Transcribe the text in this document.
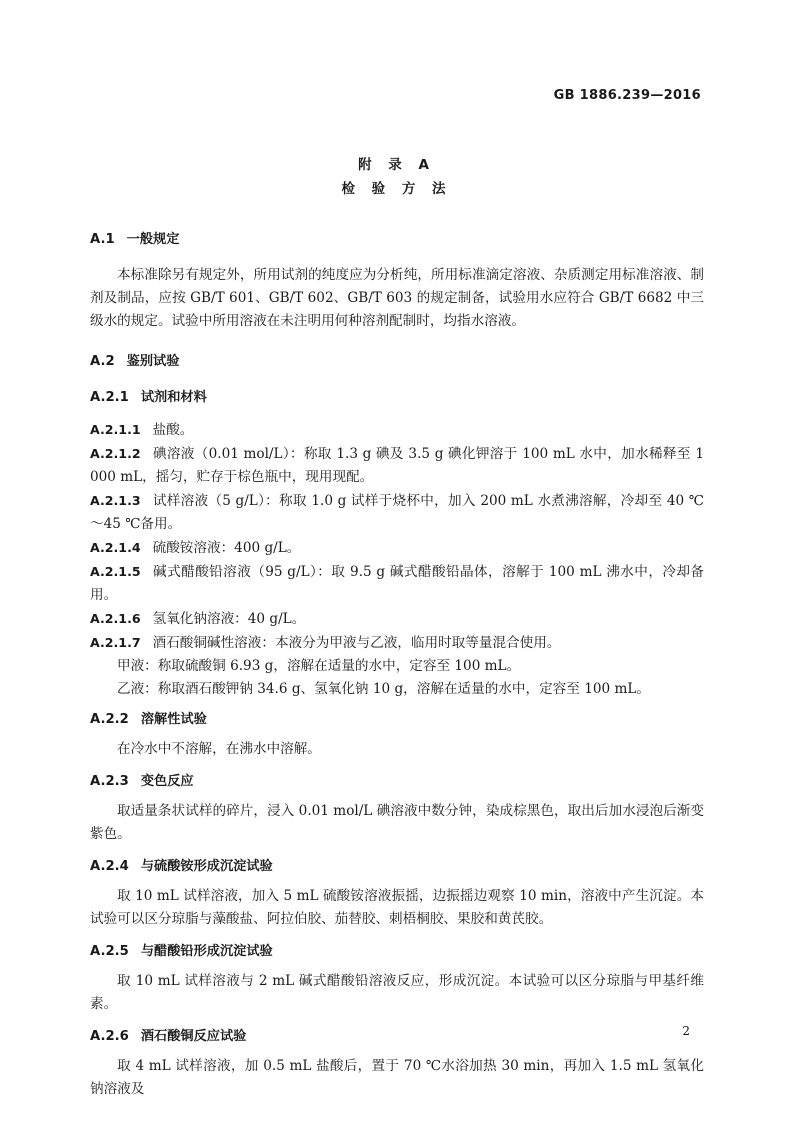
GB 1886.239—2016
附 录 A
检 验 方 法
A.1 一般规定
本标准除另有规定外，所用试剂的纯度应为分析纯，所用标准滴定溶液、杂质测定用标准溶液、制剂及制品，应按 GB/T 601、GB/T 602、GB/T 603 的规定制备，试验用水应符合 GB/T 6682 中三级水的规定。试验中所用溶液在未注明用何种溶剂配制时，均指水溶液。
A.2 鉴别试验
A.2.1 试剂和材料
A.2.1.1 盐酸。
A.2.1.2 碘溶液（0.01 mol/L）：称取 1.3 g 碘及 3.5 g 碘化钾溶于 100 mL 水中，加水稀释至 1 000 mL，摇匀，贮存于棕色瓶中，现用现配。
A.2.1.3 试样溶液（5 g/L）：称取 1.0 g 试样于烧杯中，加入 200 mL 水煮沸溶解，冷却至 40 ℃～45 ℃备用。
A.2.1.4 硫酸铵溶液：400 g/L。
A.2.1.5 碱式醋酸铅溶液（95 g/L）：取 9.5 g 碱式醋酸铅晶体，溶解于 100 mL 沸水中，冷却备用。
A.2.1.6 氢氧化钠溶液：40 g/L。
A.2.1.7 酒石酸铜碱性溶液：本液分为甲液与乙液，临用时取等量混合使用。
甲液：称取硫酸铜 6.93 g，溶解在适量的水中，定容至 100 mL。
乙液：称取酒石酸钾钠 34.6 g、氢氧化钠 10 g，溶解在适量的水中，定容至 100 mL。
A.2.2 溶解性试验
在冷水中不溶解，在沸水中溶解。
A.2.3 变色反应
取适量条状试样的碎片，浸入 0.01 mol/L 碘溶液中数分钟，染成棕黑色，取出后加水浸泡后渐变紫色。
A.2.4 与硫酸铵形成沉淀试验
取 10 mL 试样溶液，加入 5 mL 硫酸铵溶液振摇，边振摇边观察 10 min，溶液中产生沉淀。本试验可以区分琼脂与藻酸盐、阿拉伯胶、茄替胶、刺梧桐胶、果胶和黄芪胶。
A.2.5 与醋酸铅形成沉淀试验
取 10 mL 试样溶液与 2 mL 碱式醋酸铅溶液反应，形成沉淀。本试验可以区分琼脂与甲基纤维素。
A.2.6 酒石酸铜反应试验
取 4 mL 试样溶液，加 0.5 mL 盐酸后，置于 70 ℃水浴加热 30 min，再加入 1.5 mL 氢氧化钠溶液及
2
